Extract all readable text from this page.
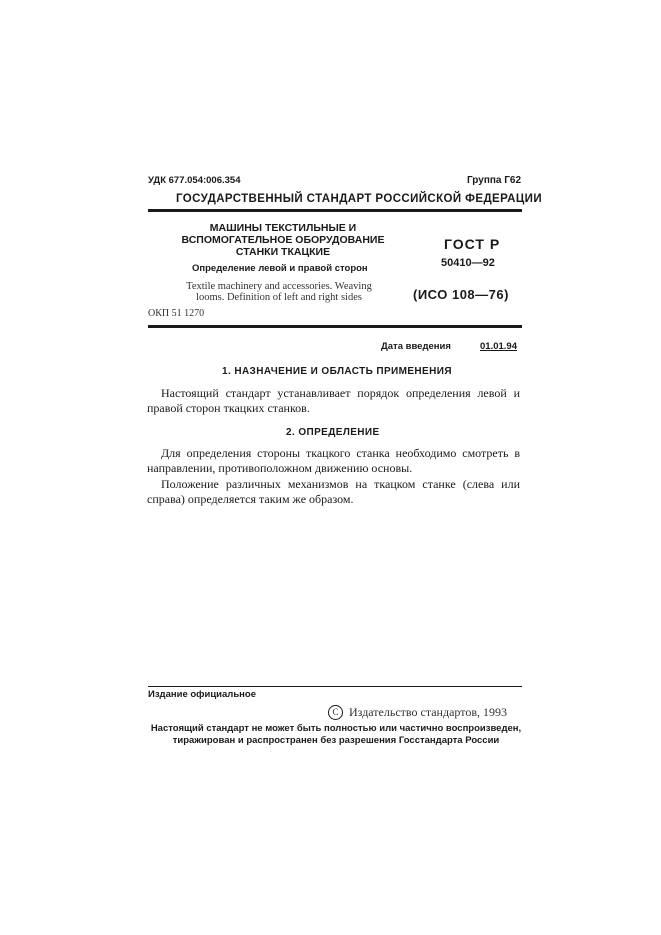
УДК 677.054:006.354	Группа Г62
ГОСУДАРСТВЕННЫЙ СТАНДАРТ РОССИЙСКОЙ ФЕДЕРАЦИИ
МАШИНЫ ТЕКСТИЛЬНЫЕ И
ВСПОМОГАТЕЛЬНОЕ ОБОРУДОВАНИЕ
СТАНКИ ТКАЦКИЕ
Определение левой и правой сторон
Textile machinery and accessories. Weaving
looms. Definition of left and right sides
ГОСТ Р
50410—92
(ИСО 108—76)
ОКП 51 1270
Дата введения	01.01.94
1. НАЗНАЧЕНИЕ И ОБЛАСТЬ ПРИМЕНЕНИЯ
Настоящий стандарт устанавливает порядок определения левой и правой сторон ткацких станков.
2. ОПРЕДЕЛЕНИЕ
Для определения стороны ткацкого станка необходимо смотреть в направлении, противоположном движению основы.
Положение различных механизмов на ткацком станке (слева или справа) определяется таким же образом.
Издание официальное
C Издательство стандартов, 1993
Настоящий стандарт не может быть полностью или частично воспроизведен,
тиражирован и распространен без разрешения Госстандарта России
